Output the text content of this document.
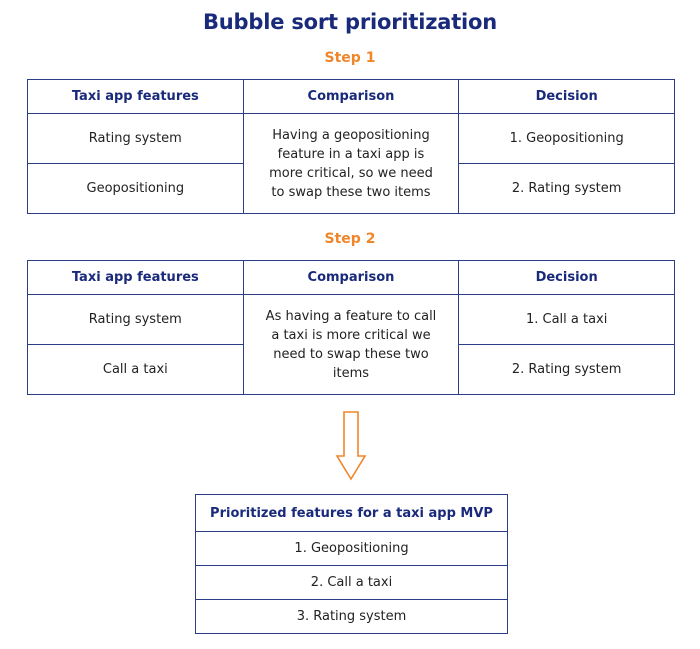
Bubble sort prioritization
Step 1
Taxi app features	Comparison	Decision
Rating system	Having a geopositioning feature in a taxi app is more critical, so we need to swap these two items	1. Geopositioning
Geopositioning		2. Rating system
Step 2
Taxi app features	Comparison	Decision
Rating system	As having a feature to call a taxi is more critical we need to swap these two items	1. Call a taxi
Call a taxi		2. Rating system
Prioritized features for a taxi app MVP
1. Geopositioning
2. Call a taxi
3. Rating system
